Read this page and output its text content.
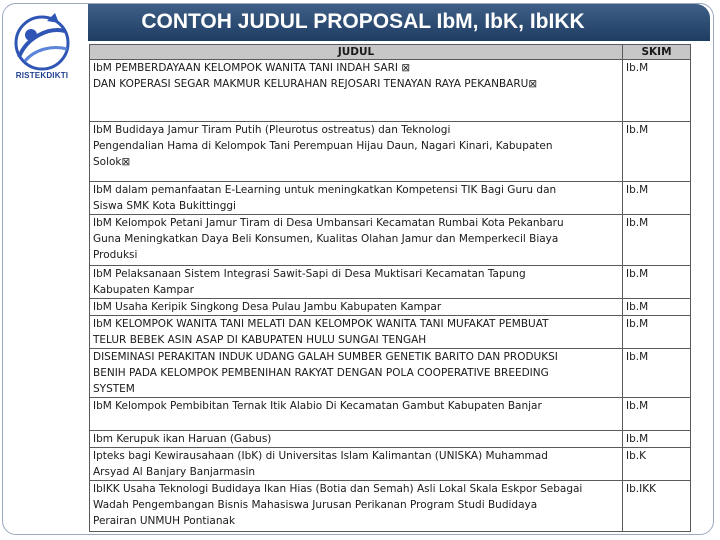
CONTOH JUDUL PROPOSAL IbM, IbK, IbIKK
RISTEKDIKTI
JUDUL	SKIM

IbM PEMBERDAYAAN KELOMPOK WANITA TANI INDAH SARI ⊠
DAN KOPERASI SEGAR MAKMUR KELURAHAN REJOSARI TENAYAN RAYA PEKANBARU⊠	Ib.M

IbM Budidaya Jamur Tiram Putih (Pleurotus ostreatus) dan Teknologi
Pengendalian Hama di Kelompok Tani Perempuan Hijau Daun, Nagari Kinari, Kabupaten
Solok⊠	Ib.M

IbM dalam pemanfaatan E-Learning untuk meningkatkan Kompetensi TIK Bagi Guru dan
Siswa SMK Kota Bukittinggi	Ib.M

IbM Kelompok Petani Jamur Tiram di Desa Umbansari Kecamatan Rumbai Kota Pekanbaru
Guna Meningkatkan Daya Beli Konsumen, Kualitas Olahan Jamur dan Memperkecil Biaya
Produksi	Ib.M

IbM Pelaksanaan Sistem Integrasi Sawit-Sapi di Desa Muktisari Kecamatan Tapung
Kabupaten Kampar	Ib.M

IbM Usaha Keripik Singkong Desa Pulau Jambu Kabupaten Kampar	Ib.M

IbM KELOMPOK WANITA TANI MELATI DAN KELOMPOK WANITA TANI MUFAKAT PEMBUAT
TELUR BEBEK ASIN ASAP DI KABUPATEN HULU SUNGAI TENGAH	Ib.M

DISEMINASI PERAKITAN INDUK UDANG GALAH SUMBER GENETIK BARITO DAN PRODUKSI
BENIH PADA KELOMPOK PEMBENIHAN RAKYAT DENGAN POLA COOPERATIVE BREEDING
SYSTEM	Ib.M

IbM Kelompok Pembibitan Ternak Itik Alabio Di Kecamatan Gambut Kabupaten Banjar	Ib.M

Ibm Kerupuk ikan Haruan (Gabus)	Ib.M

Ipteks bagi Kewirausahaan (IbK) di Universitas Islam Kalimantan (UNISKA) Muhammad
Arsyad Al Banjary Banjarmasin	Ib.K

IbIKK Usaha Teknologi Budidaya Ikan Hias (Botia dan Semah) Asli Lokal Skala Eskpor Sebagai
Wadah Pengembangan Bisnis Mahasiswa Jurusan Perikanan Program Studi Budidaya
Perairan UNMUH Pontianak	Ib.IKK
